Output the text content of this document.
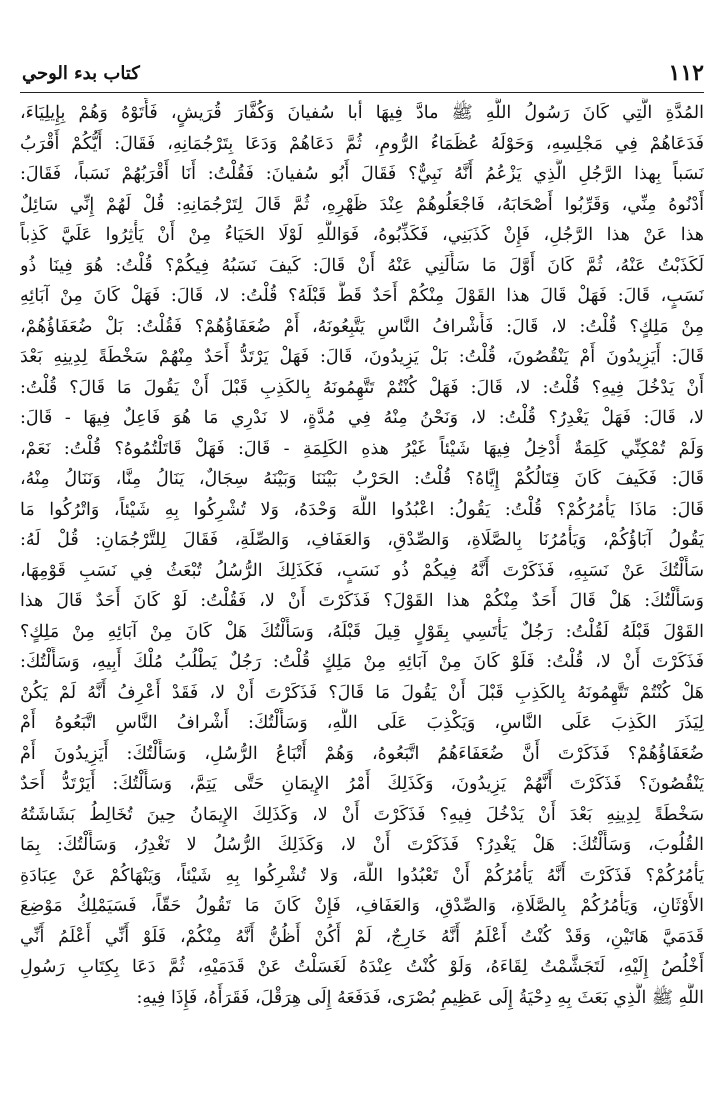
١١٢
كتاب بدء الوحي
المُدَّةِ الَّتِي كَانَ رَسُولُ اللَّهِ ﷺ مادَّ فِيهَا أبا سُفيانَ وَكُفَّارَ قُرَيشٍ، فَأَتَوْهُ وَهُمْ بِإِيلِيَاءَ،
فَدَعَاهُمْ فِي مَجْلِسِهِ، وَحَوْلَهُ عُظَمَاءُ الرُّومِ، ثُمَّ دَعَاهُمْ وَدَعَا بِتَرْجُمَانِهِ، فَقَالَ: أَيُّكُمْ أَقْرَبُ
نَسَباً بِهذا الرَّجُلِ الَّذِي يَزْعُمُ أَنَّهُ نَبِيٌّ؟ فَقَالَ أَبُو سُفيانَ: فَقُلْتُ: أَنَا أَقْرَبُهُمْ نَسَباً، فَقَالَ:
أَدْنُوهُ مِنِّي، وَقَرِّبُوا أَصْحَابَهُ، فَاجْعَلُوهُمْ عِنْدَ ظَهْرِهِ، ثُمَّ قَالَ لِتَرْجُمَانِهِ: قُلْ لَهُمْ إِنِّي سَائِلٌ
هذا عَنْ هذا الرَّجُلِ، فَإِنْ كَذَبَنِي، فَكَذِّبُوهُ، فَوَاللَّهِ لَوْلَا الحَيَاءُ مِنْ أَنْ يَأْثِرُوا عَلَيَّ كَذِباً
لَكَذَبْتُ عَنْهُ، ثُمَّ كَانَ أَوَّلَ مَا سَأَلَنِي عَنْهُ أَنْ قَالَ: كَيفَ نَسَبُهُ فِيكُمْ؟ قُلْتُ: هُوَ فِينَا ذُو
نَسَبٍ، قَالَ: فَهَلْ قَالَ هذا القَوْلَ مِنْكُمْ أَحَدٌ قَطُّ قَبْلَهُ؟ قُلْتُ: لا، قَالَ: فَهَلْ كَانَ مِنْ آبَائِهِ
مِنْ مَلِكٍ؟ قُلْتُ: لا، قَالَ: فَأَشْرافُ النَّاسِ يَتَّبِعُونَهُ، أَمْ ضُعَفَاؤُهُمْ؟ فَقُلْتُ: بَلْ ضُعَفَاؤُهُمْ،
قَالَ: أَيَزِيدُونَ أَمْ يَنْقُصُونَ، قُلْتُ: بَلْ يَزِيدُونَ، قَالَ: فَهَلْ يَرْتَدُّ أَحَدٌ مِنْهُمْ سَخْطَةً لِدِينِهِ بَعْدَ
أَنْ يَدْخُلَ فِيهِ؟ قُلْتُ: لا، قَالَ: فَهَلْ كُنْتُمْ تَتَّهِمُونَهُ بِالكَذِبِ قَبْلَ أَنْ يَقُولَ مَا قَالَ؟ قُلْتُ:
لا، قَالَ: فَهَلْ يَغْدِرُ؟ قُلْتُ: لا، وَنَحْنُ مِنْهُ فِي مُدَّةٍ، لا نَدْرِي مَا هُوَ فَاعِلٌ فِيهَا - قَالَ:
وَلَمْ تُمْكِنِّي كَلِمَةٌ أُدْخِلُ فِيهَا شَيْئاً غَيْرُ هذهِ الكَلِمَةِ - قَالَ: فَهَلْ قَاتَلْتُمُوهُ؟ قُلْتُ: نَعَمْ،
قَالَ: فَكَيفَ كَانَ قِتَالُكُمْ إِيَّاهُ؟ قُلْتُ: الحَرْبُ بَيْنَنَا وَبَيْنَهُ سِجَالٌ، يَنَالُ مِنَّا، وَنَنَالُ مِنْهُ،
قَالَ: مَاذَا يَأْمُرُكُمْ؟ قُلْتُ: يَقُولُ: اعْبُدُوا اللَّهَ وَحْدَهُ، وَلا تُشْرِكُوا بِهِ شَيْئاً، وَاتْرُكُوا مَا
يَقُولُ آبَاؤُكُمْ، وَيَأْمُرُنَا بِالصَّلَاةِ، وَالصِّدْقِ، وَالعَفَافِ، وَالصِّلَةِ، فَقَالَ لِلتَّرْجُمَانِ: قُلْ لَهُ:
سَأَلْتُكَ عَنْ نَسَبِهِ، فَذَكَرْتَ أَنَّهُ فِيكُمْ ذُو نَسَبٍ، فَكَذَلِكَ الرُّسُلُ تُبْعَثُ فِي نَسَبِ قَوْمِهَا،
وَسَأَلْتُكَ: هَلْ قَالَ أَحَدٌ مِنْكُمْ هذا القَوْلَ؟ فَذَكَرْتَ أَنْ لا، فَقُلْتُ: لَوْ كَانَ أَحَدٌ قَالَ هذا
القَوْلَ قَبْلَهُ لَقُلْتُ: رَجُلٌ يَأْتَسِي بِقَوْلٍ قِيلَ قَبْلَهُ، وَسَأَلْتُكَ هَلْ كَانَ مِنْ آبَائِهِ مِنْ مَلِكٍ؟
فَذَكَرْتَ أَنْ لا، قُلْتُ: فَلَوْ كَانَ مِنْ آبَائِهِ مِنْ مَلِكٍ قُلْتُ: رَجُلٌ يَطْلُبُ مُلْكَ أَبِيهِ، وَسَأَلْتُكَ:
هَلْ كُنْتُمْ تَتَّهِمُونَهُ بِالكَذِبِ قَبْلَ أَنْ يَقُولَ مَا قَالَ؟ فَذَكَرْتَ أَنْ لا، فَقَدْ أَعْرِفُ أَنَّهُ لَمْ يَكُنْ
لِيَذَرَ الكَذِبَ عَلَى النَّاسِ، وَيَكْذِبَ عَلَى اللَّهِ، وَسَأَلْتُكَ: أَشْرافُ النَّاسِ اتَّبَعُوهُ أَمْ
ضُعَفَاؤُهُمْ؟ فَذَكَرْتَ أَنَّ ضُعَفَاءَهُمُ اتَّبَعُوهُ، وَهُمْ أَتْبَاعُ الرُّسُلِ، وَسَأَلْتُكَ: أَيَزِيدُونَ أَمْ
يَنْقُصُونَ؟ فَذَكَرْتَ أَنَّهُمْ يَزِيدُونَ، وَكَذَلِكَ أَمْرُ الإِيمَانِ حَتَّى يَتِمَّ، وَسَأَلْتُكَ: أَيَرْتَدُّ أَحَدٌ
سَخْطَةً لِدِينِهِ بَعْدَ أَنْ يَدْخُلَ فِيهِ؟ فَذَكَرْتَ أَنْ لا، وَكَذَلِكَ الإِيمَانُ حِينَ تُخَالِطُ بَشَاشَتُهُ
القُلُوبَ، وَسَأَلْتُكَ: هَلْ يَغْدِرُ؟ فَذَكَرْتَ أَنْ لا، وَكَذَلِكَ الرُّسُلُ لا تَغْدِرُ، وَسَأَلْتُكَ: بِمَا
يَأْمُرُكُمْ؟ فَذَكَرْتَ أَنَّهُ يَأْمُرُكُمْ أَنْ تَعْبُدُوا اللَّهَ، وَلا تُشْرِكُوا بِهِ شَيْئاً، وَيَنْهَاكُمْ عَنْ عِبَادَةِ
الأَوْثَانِ، وَيَأْمُرُكُمْ بِالصَّلَاةِ، وَالصِّدْقِ، وَالعَفَافِ، فَإِنْ كَانَ مَا تَقُولُ حَقّاً، فَسَيَمْلِكُ مَوْضِعَ
قَدَمَيَّ هَاتَيْنِ، وَقَدْ كُنْتُ أَعْلَمُ أَنَّهُ خَارِجٌ، لَمْ أَكُنْ أَظُنُّ أَنَّهُ مِنْكُمْ، فَلَوْ أَنِّي أَعْلَمُ أَنِّي
أَخْلُصُ إِلَيْهِ، لَتَجَشَّمْتُ لِقَاءَهُ، وَلَوْ كُنْتُ عِنْدَهُ لَغَسَلْتُ عَنْ قَدَمَيْهِ، ثُمَّ دَعَا بِكِتَابِ رَسُولِ
اللَّهِ ﷺ الَّذِي بَعَثَ بِهِ دِحْيَةُ إِلَى عَظِيمِ بُصْرَى، فَدَفَعَهُ إِلَى هِرَقْلَ، فَقَرَأَهُ، فَإِذَا فِيهِ:
